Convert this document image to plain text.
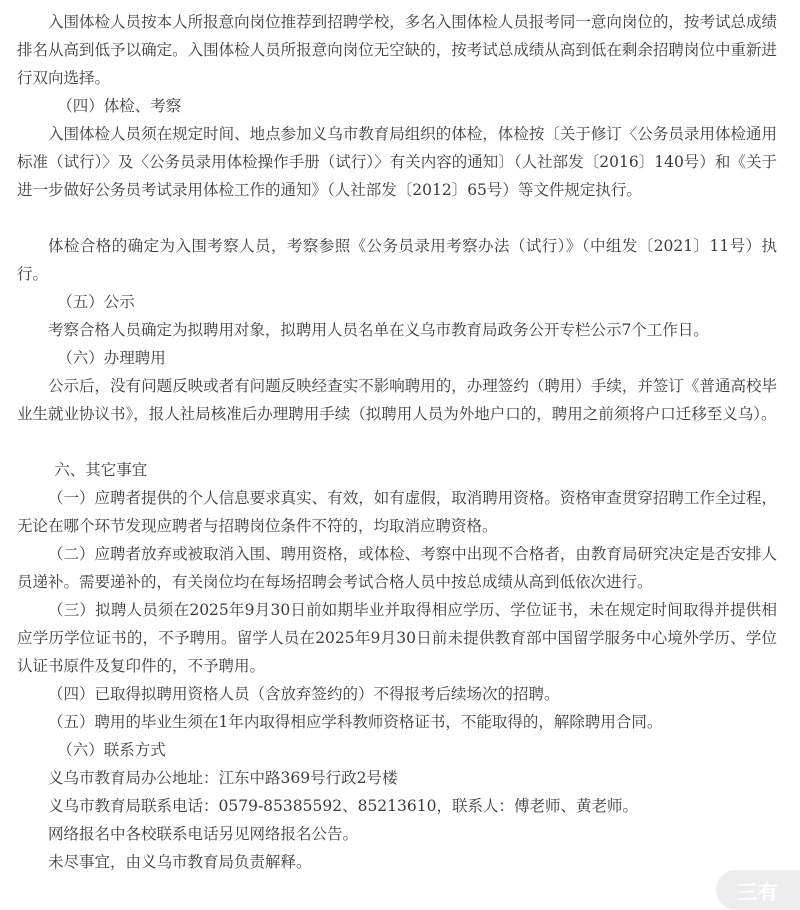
入围体检人员按本人所报意向岗位推荐到招聘学校，多名入围体检人员报考同一意向岗位的，按考试总成绩排名从高到低予以确定。入围体检人员所报意向岗位无空缺的，按考试总成绩从高到低在剩余招聘岗位中重新进行双向选择。

（四）体检、考察

入围体检人员须在规定时间、地点参加义乌市教育局组织的体检，体检按〔关于修订〈公务员录用体检通用标准（试行）〉及〈公务员录用体检操作手册（试行）〉有关内容的通知〕（人社部发〔2016〕140号）和《关于进一步做好公务员考试录用体检工作的通知》（人社部发〔2012〕65号）等文件规定执行。

体检合格的确定为入围考察人员，考察参照《公务员录用考察办法（试行）》（中组发〔2021〕11号）执行。

（五）公示

考察合格人员确定为拟聘用对象，拟聘用人员名单在义乌市教育局政务公开专栏公示7个工作日。

（六）办理聘用

公示后，没有问题反映或者有问题反映经查实不影响聘用的，办理签约（聘用）手续，并签订《普通高校毕业生就业协议书》，报人社局核准后办理聘用手续（拟聘用人员为外地户口的，聘用之前须将户口迁移至义乌）。

六、其它事宜

（一）应聘者提供的个人信息要求真实、有效，如有虚假，取消聘用资格。资格审查贯穿招聘工作全过程，无论在哪个环节发现应聘者与招聘岗位条件不符的，均取消应聘资格。

（二）应聘者放弃或被取消入围、聘用资格，或体检、考察中出现不合格者，由教育局研究决定是否安排人员递补。需要递补的，有关岗位均在每场招聘会考试合格人员中按总成绩从高到低依次进行。

（三）拟聘人员须在2025年9月30日前如期毕业并取得相应学历、学位证书，未在规定时间取得并提供相应学历学位证书的，不予聘用。留学人员在2025年9月30日前未提供教育部中国留学服务中心境外学历、学位认证书原件及复印件的，不予聘用。

（四）已取得拟聘用资格人员（含放弃签约的）不得报考后续场次的招聘。

（五）聘用的毕业生须在1年内取得相应学科教师资格证书，不能取得的，解除聘用合同。

（六）联系方式

义乌市教育局办公地址：江东中路369号行政2号楼

义乌市教育局联系电话：0579-85385592、85213610，联系人：傅老师、黄老师。

网络报名中各校联系电话另见网络报名公告。

未尽事宜，由义乌市教育局负责解释。

三有
